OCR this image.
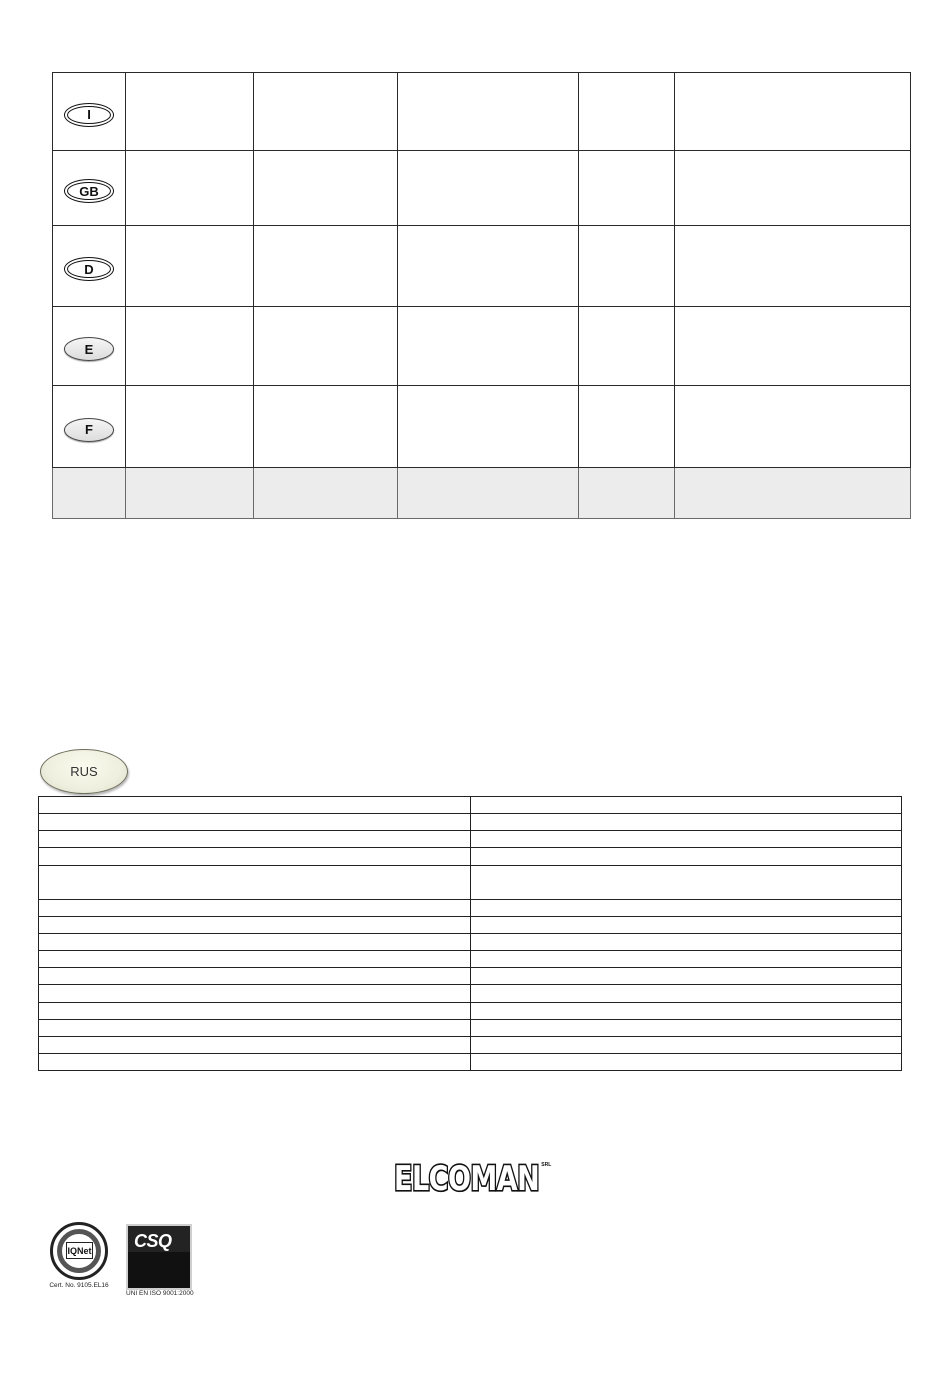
I					
GB					
D					
E					
F					

RUS

ELCOMAN SRL
IQNet
Cert. No. 9105.EL16
CSQ
UNI EN ISO 9001:2000
